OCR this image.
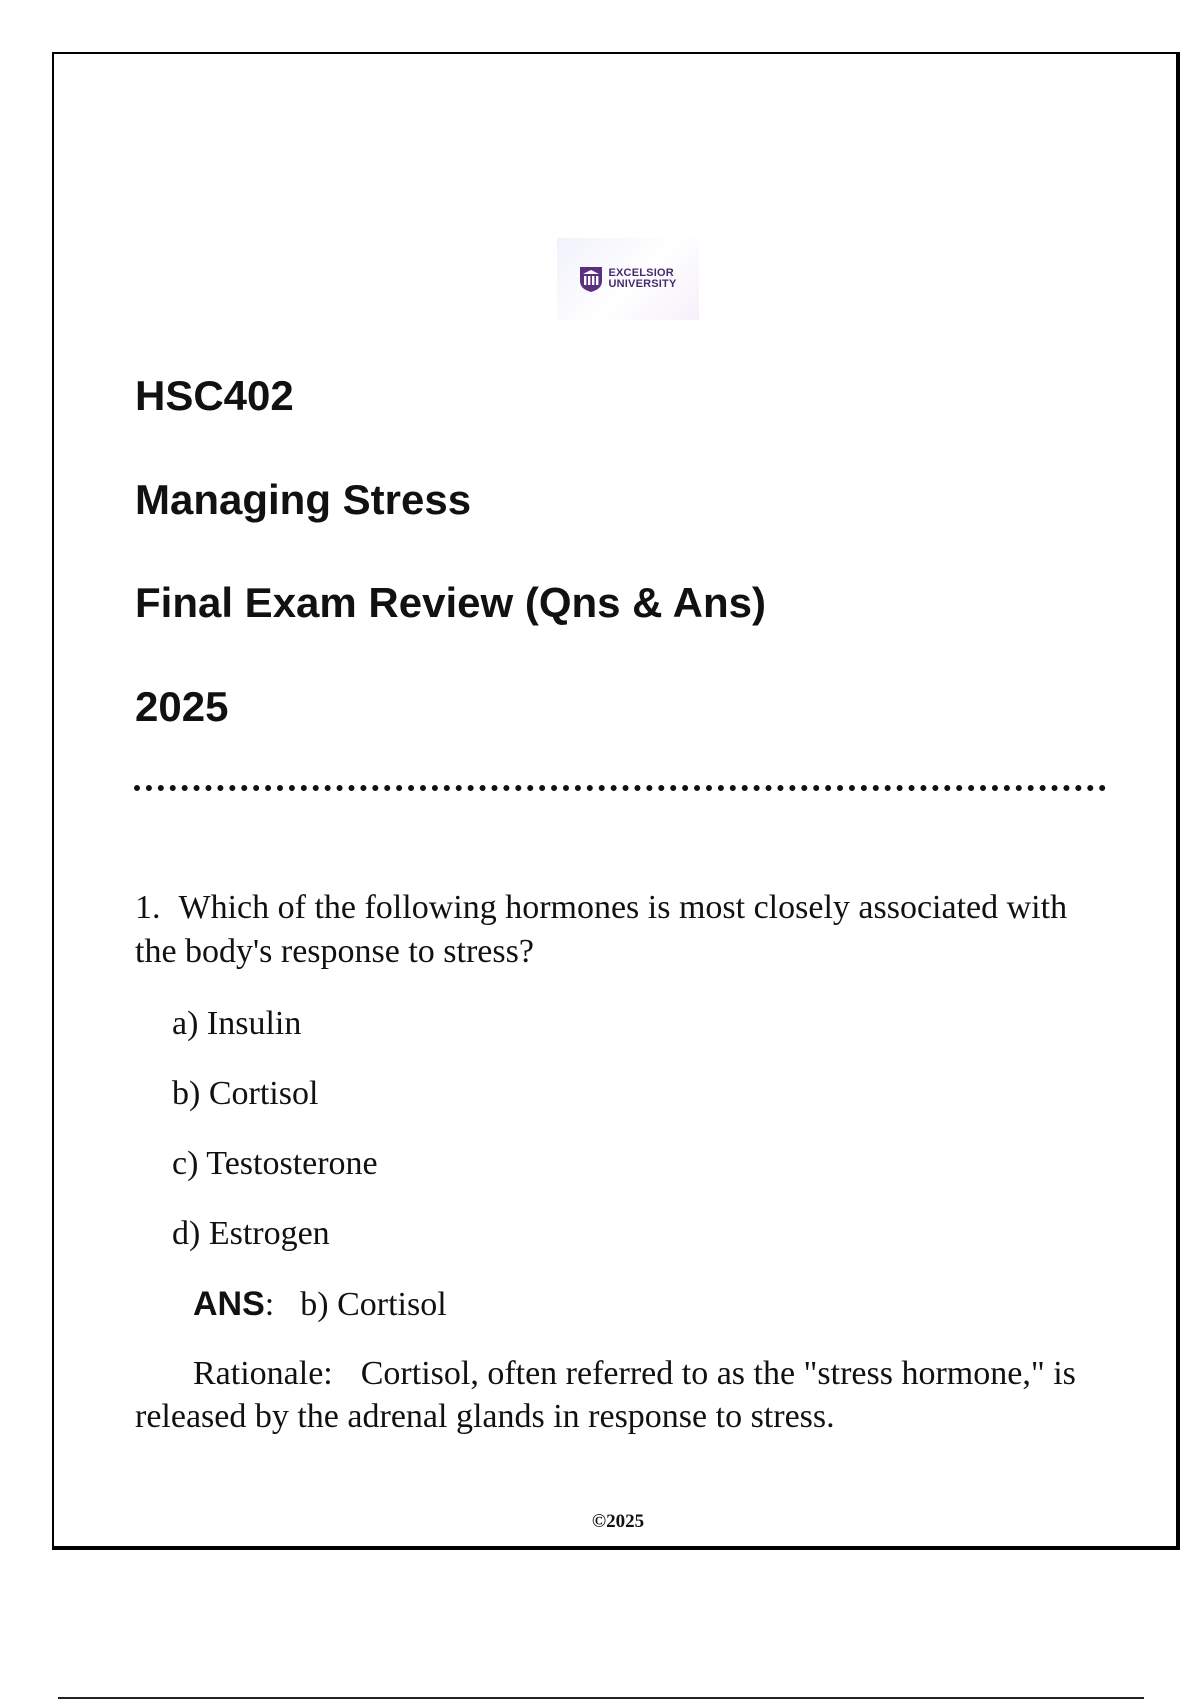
EXCELSIOR
UNIVERSITY
HSC402
Managing Stress
Final Exam Review (Qns & Ans)
2025

1. Which of the following hormones is most closely associated with the body's response to stress?

a) Insulin

b) Cortisol

c) Testosterone

d) Estrogen

ANS: b) Cortisol

Rationale: Cortisol, often referred to as the "stress hormone," is released by the adrenal glands in response to stress.

©2025
